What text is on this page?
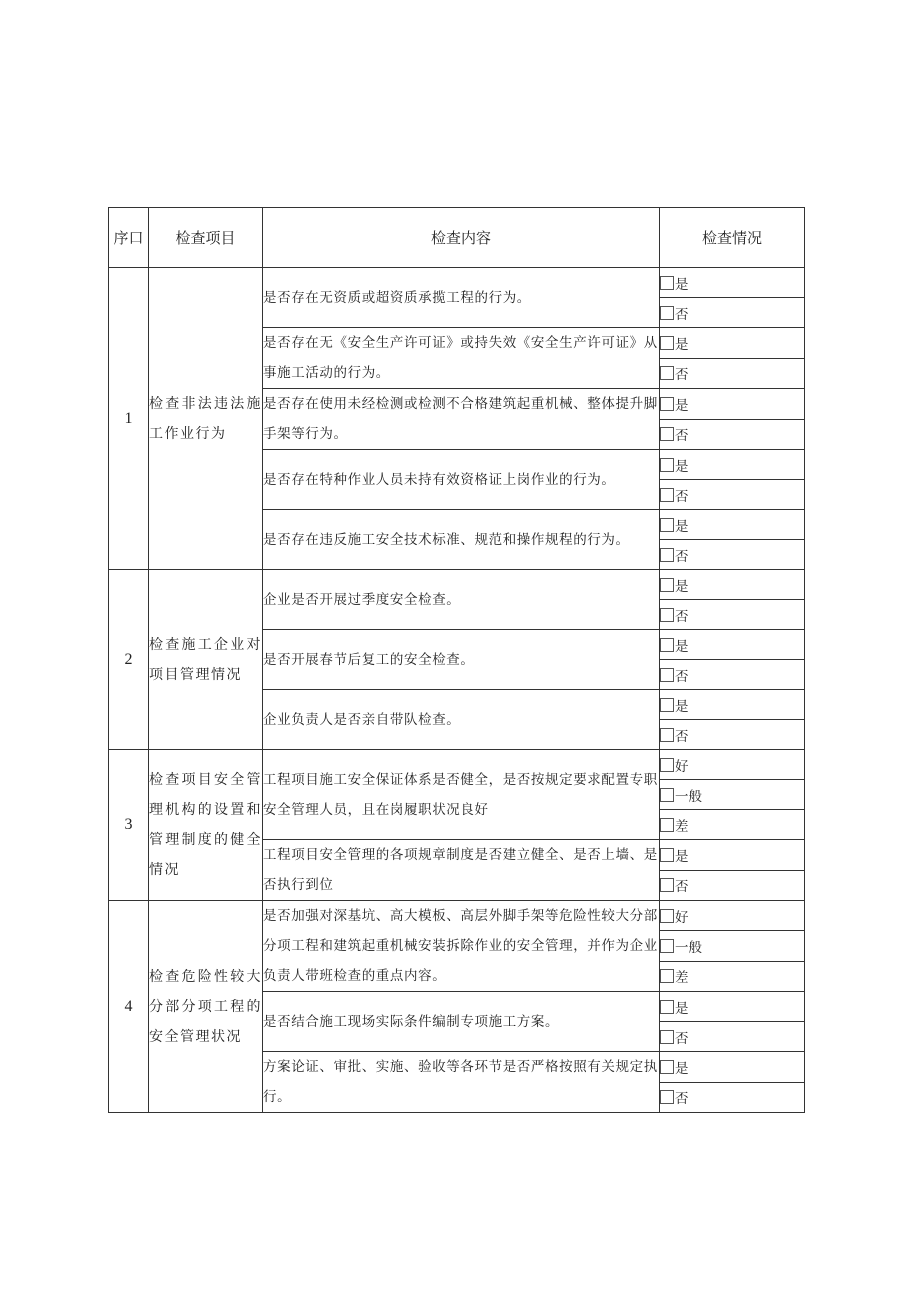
序口	检查项目	检查内容	检查情况
1	检查非法违法施工作业行为	是否存在无资质或超资质承揽工程的行为。	是
			否
		是否存在无《安全生产许可证》或持失效《安全生产许可证》从事施工活动的行为。	是
			否
		是否存在使用未经检测或检测不合格建筑起重机械、整体提升脚手架等行为。	是
			否
		是否存在特种作业人员未持有效资格证上岗作业的行为。	是
			否
		是否存在违反施工安全技术标准、规范和操作规程的行为。	是
			否
2	检查施工企业对项目管理情况	企业是否开展过季度安全检查。	是
			否
		是否开展春节后复工的安全检查。	是
			否
		企业负责人是否亲自带队检查。	是
			否
3	检查项目安全管理机构的设置和管理制度的健全情况	工程项目施工安全保证体系是否健全，是否按规定要求配置专职安全管理人员，且在岗履职状况良好	好
			一般
			差
		工程项目安全管理的各项规章制度是否建立健全、是否上墙、是否执行到位	是
			否
4	检查危险性较大分部分项工程的安全管理状况	是否加强对深基坑、高大模板、高层外脚手架等危险性较大分部分项工程和建筑起重机械安装拆除作业的安全管理，并作为企业负责人带班检查的重点内容。	好
			一般
			差
		是否结合施工现场实际条件编制专项施工方案。	是
			否
		方案论证、审批、实施、验收等各环节是否严格按照有关规定执行。	是
			否
